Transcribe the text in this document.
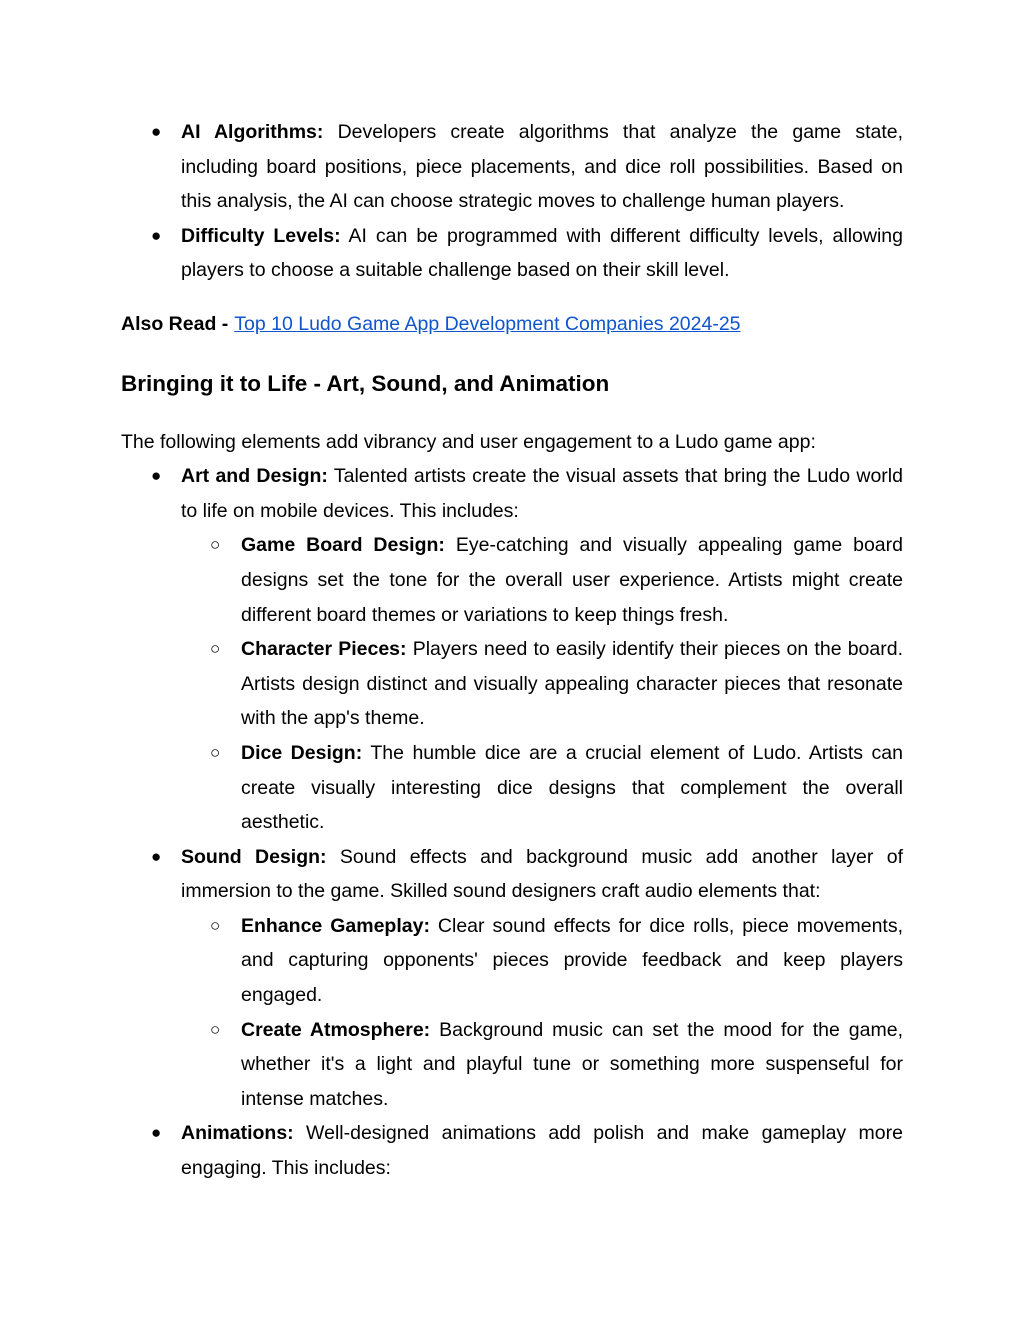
● AI Algorithms: Developers create algorithms that analyze the game state, including board positions, piece placements, and dice roll possibilities. Based on this analysis, the AI can choose strategic moves to challenge human players.
● Difficulty Levels: AI can be programmed with different difficulty levels, allowing players to choose a suitable challenge based on their skill level.
Also Read - Top 10 Ludo Game App Development Companies 2024-25
Bringing it to Life - Art, Sound, and Animation
The following elements add vibrancy and user engagement to a Ludo game app:
● Art and Design: Talented artists create the visual assets that bring the Ludo world to life on mobile devices. This includes:
○ Game Board Design: Eye-catching and visually appealing game board designs set the tone for the overall user experience. Artists might create different board themes or variations to keep things fresh.
○ Character Pieces: Players need to easily identify their pieces on the board. Artists design distinct and visually appealing character pieces that resonate with the app's theme.
○ Dice Design: The humble dice are a crucial element of Ludo. Artists can create visually interesting dice designs that complement the overall aesthetic.
● Sound Design: Sound effects and background music add another layer of immersion to the game. Skilled sound designers craft audio elements that:
○ Enhance Gameplay: Clear sound effects for dice rolls, piece movements, and capturing opponents' pieces provide feedback and keep players engaged.
○ Create Atmosphere: Background music can set the mood for the game, whether it's a light and playful tune or something more suspenseful for intense matches.
● Animations: Well-designed animations add polish and make gameplay more engaging. This includes:
